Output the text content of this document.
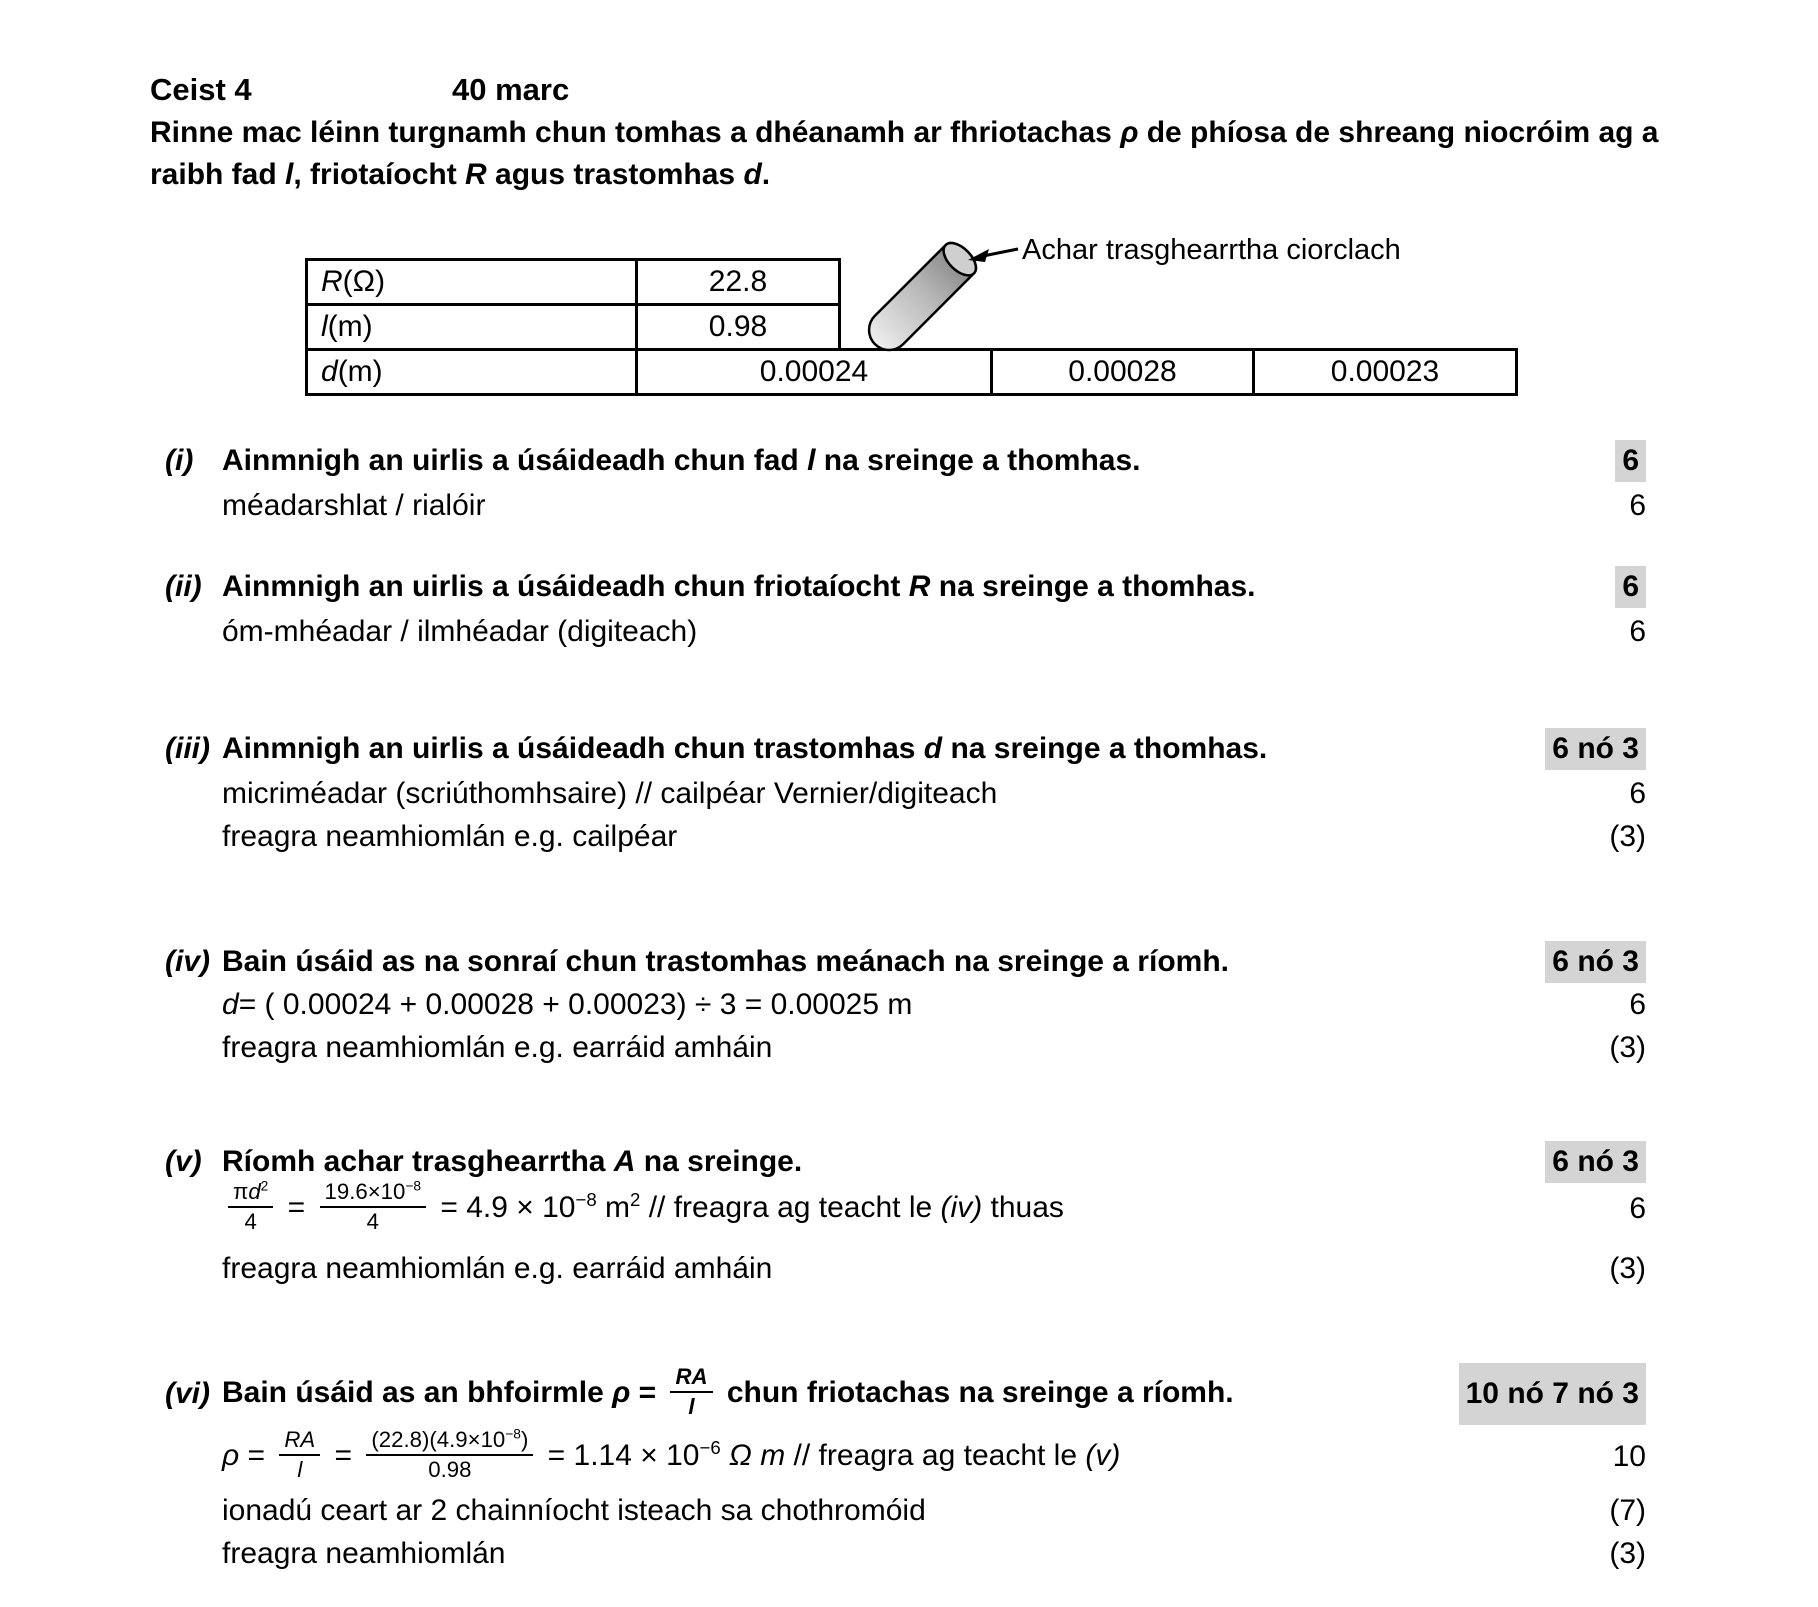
Ceist 4	40 marc
Rinne mac léinn turgnamh chun tomhas a dhéanamh ar fhriotachas ρ de phíosa de shreang niocróim ag a raibh fad l, friotaíocht R agus trastomhas d.
R (Ω)	22.8
l (m)	0.98
d (m)	0.00024	0.00028	0.00023
Achar trasghearrtha ciorclach
(i) Ainmnigh an uirlis a úsáideadh chun fad l na sreinge a thomhas.	6
méadarshlat / rialóir	6
(ii) Ainmnigh an uirlis a úsáideadh chun friotaíocht R na sreinge a thomhas.	6
óm-mhéadar / ilmhéadar (digiteach)	6
(iii) Ainmnigh an uirlis a úsáideadh chun trastomhas d na sreinge a thomhas.	6 nó 3
micriméadar (scriúthomhsaire) // cailpéar Vernier/digiteach	6
freagra neamhiomlán e.g. cailpéar	(3)
(iv) Bain úsáid as na sonraí chun trastomhas meánach na sreinge a ríomh.	6 nó 3
d= ( 0.00024 + 0.00028 + 0.00023) ÷ 3 = 0.00025 m	6
freagra neamhiomlán e.g. earráid amháin	(3)
(v) Ríomh achar trasghearrtha A na sreinge.	6 nó 3
$\frac{\pi d^2}{4} = \frac{19.6\times 10^{-8}}{4} = 4.9 \times 10^{-8}$ $m^2$ // freagra ag teacht le (iv) thuas	6
freagra neamhiomlán e.g. earráid amháin	(3)
(vi) Bain úsáid as an bhfoirmle $\rho = \frac{RA}{l}$ chun friotachas na sreinge a ríomh.	10 nó 7 nó 3
$\rho = \frac{RA}{l} = \frac{(22.8)(4.9\times 10^{-8})}{0.98} = 1.14 \times 10^{-6}$ Ω m // freagra ag teacht le (v)	10
ionadú ceart ar 2 chainníocht isteach sa chothromóid	(7)
freagra neamhiomlán	(3)
